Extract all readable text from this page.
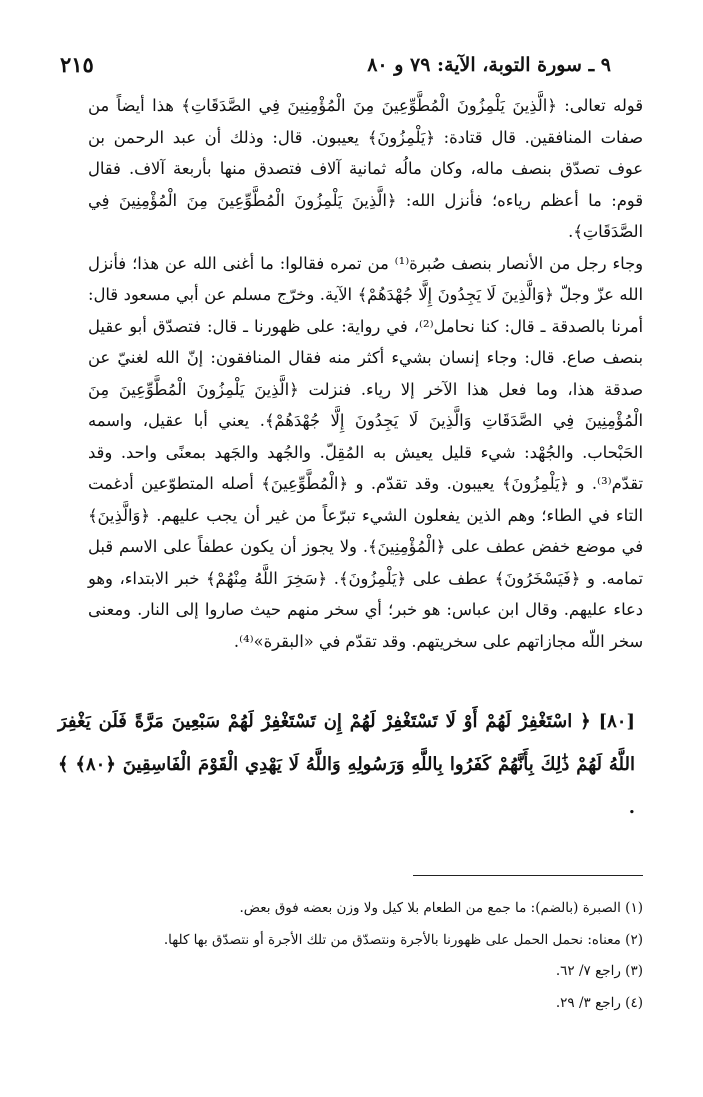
٩ ـ سورة التوبة، الآية: ٧٩ و ٨٠
٢١٥

قوله تعالى: ﴿الَّذِينَ يَلْمِزُونَ الْمُطَّوِّعِينَ مِنَ الْمُؤْمِنِينَ فِي الصَّدَقَاتِ﴾ هذا أيضاً من صفات المنافقين. قال قتادة: ﴿يَلْمِزُونَ﴾ يعيبون. قال: وذلك أن عبد الرحمن بن عوف تصدّق بنصف ماله، وكان مالُه ثمانية آلاف فتصدق منها بأربعة آلاف. فقال قوم: ما أعظم رياءه؛ فأنزل الله: ﴿الَّذِينَ يَلْمِزُونَ الْمُطَّوِّعِينَ مِنَ الْمُؤْمِنِينَ فِي الصَّدَقَاتِ﴾.

وجاء رجل من الأنصار بنصف صُبرة⁽¹⁾ من تمره فقالوا: ما أغنى الله عن هذا؛ فأنزل الله عزّ وجلّ ﴿وَالَّذِينَ لَا يَجِدُونَ إِلَّا جُهْدَهُمْ﴾ الآية. وخرّج مسلم عن أبي مسعود قال: أمرنا بالصدقة ـ قال: كنا نحامل⁽²⁾، في رواية: على ظهورنا ـ قال: فتصدّق أبو عقيل بنصف صاع. قال: وجاء إنسان بشيء أكثر منه فقال المنافقون: إنّ الله لغنيّ عن صدقة هذا، وما فعل هذا الآخر إلا رياء. فنزلت ﴿الَّذِينَ يَلْمِزُونَ الْمُطَّوِّعِينَ مِنَ الْمُؤْمِنِينَ فِي الصَّدَقَاتِ وَالَّذِينَ لَا يَجِدُونَ إِلَّا جُهْدَهُمْ﴾. يعني أبا عقيل، واسمه الحَبْحاب. والجُهْد: شيء قليل يعيش به المُقِلّ. والجُهد والجَهد بمعنًى واحد. وقد تقدّم⁽³⁾. و ﴿يَلْمِزُونَ﴾ يعيبون. وقد تقدّم. و ﴿الْمُطَّوِّعِينَ﴾ أصله المتطوّعين أدغمت التاء في الطاء؛ وهم الذين يفعلون الشيء تبرّعاً من غير أن يجب عليهم. ﴿وَالَّذِينَ﴾ في موضع خفض عطف على ﴿الْمُؤْمِنِينَ﴾. ولا يجوز أن يكون عطفاً على الاسم قبل تمامه. و ﴿فَيَسْخَرُونَ﴾ عطف على ﴿يَلْمِزُونَ﴾. ﴿سَخِرَ اللَّهُ مِنْهُمْ﴾ خبر الابتداء، وهو دعاء عليهم. وقال ابن عباس: هو خبر؛ أي سخر منهم حيث صاروا إلى النار. ومعنى سخر اللّه مجازاتهم على سخريتهم. وقد تقدّم في «البقرة»⁽⁴⁾.

[٨٠] ﴿ اسْتَغْفِرْ لَهُمْ أَوْ لَا تَسْتَغْفِرْ لَهُمْ إِن تَسْتَغْفِرْ لَهُمْ سَبْعِينَ مَرَّةً فَلَن يَغْفِرَ اللَّهُ لَهُمْ ذَٰلِكَ بِأَنَّهُمْ كَفَرُوا بِاللَّهِ وَرَسُولِهِ وَاللَّهُ لَا يَهْدِي الْقَوْمَ الْفَاسِقِينَ ﴿٨٠﴾ ﴾ .
(١) الصبرة (بالضم): ما جمع من الطعام بلا كيل ولا وزن بعضه فوق بعض.
(٢) معناه: نحمل الحمل على ظهورنا بالأجرة ونتصدّق من تلك الأجرة أو نتصدّق بها كلها.
(٣) راجع ٧/ ٦٢.
(٤) راجع ٣/ ٢٩.
